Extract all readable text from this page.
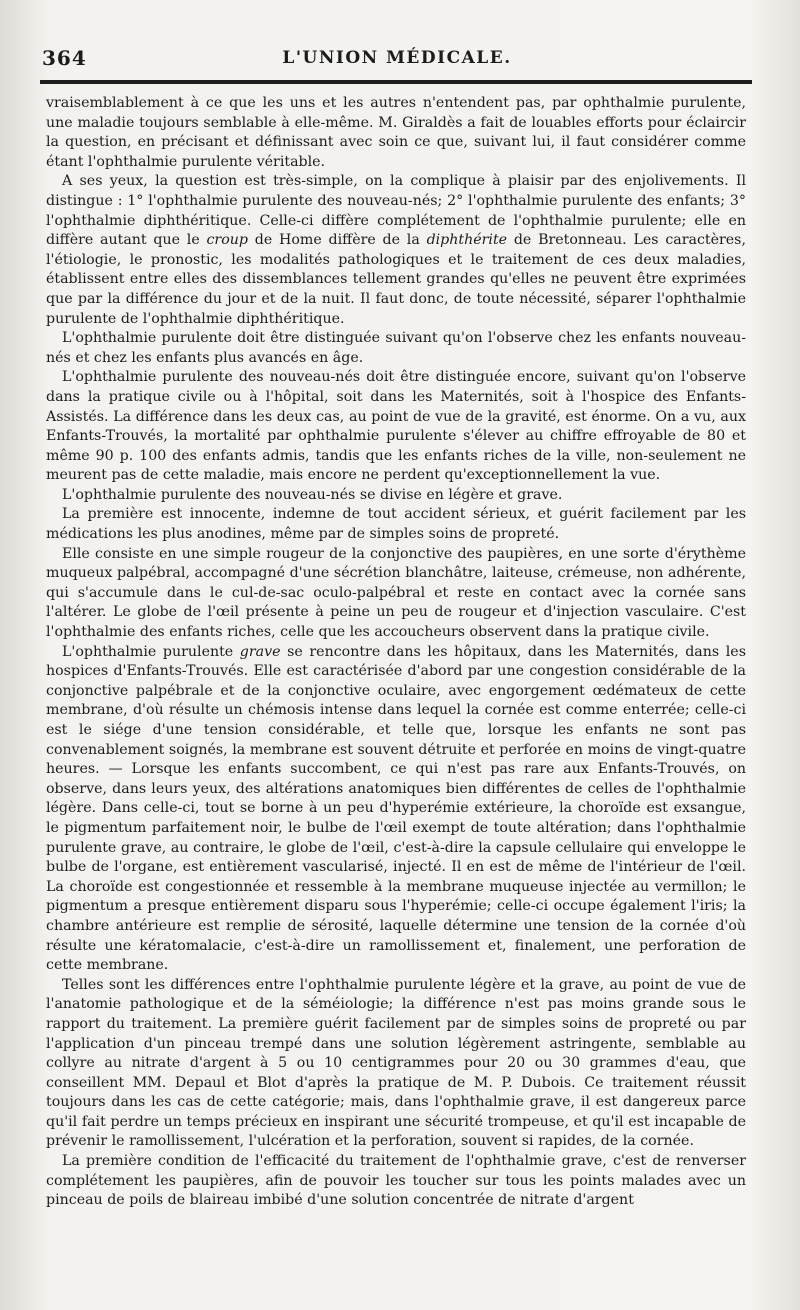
364	L'UNION MÉDICALE.

vraisemblablement à ce que les uns et les autres n'entendent pas, par ophthalmie purulente, une maladie toujours semblable à elle-même. M. Giraldès a fait de louables efforts pour éclaircir la question, en précisant et définissant avec soin ce que, suivant lui, il faut considérer comme étant l'ophthalmie purulente véritable.

A ses yeux, la question est très-simple, on la complique à plaisir par des enjolivements. Il distingue : 1° l'ophthalmie purulente des nouveau-nés; 2° l'ophthalmie purulente des enfants; 3° l'ophthalmie diphthéritique. Celle-ci diffère complétement de l'ophthalmie purulente; elle en diffère autant que le croup de Home diffère de la diphthérite de Bretonneau. Les caractères, l'étiologie, le pronostic, les modalités pathologiques et le traitement de ces deux maladies, établissent entre elles des dissemblances tellement grandes qu'elles ne peuvent être exprimées que par la différence du jour et de la nuit. Il faut donc, de toute nécessité, séparer l'ophthalmie purulente de l'ophthalmie diphthéritique.

L'ophthalmie purulente doit être distinguée suivant qu'on l'observe chez les enfants nouveau-nés et chez les enfants plus avancés en âge.

L'ophthalmie purulente des nouveau-nés doit être distinguée encore, suivant qu'on l'observe dans la pratique civile ou à l'hôpital, soit dans les Maternités, soit à l'hospice des Enfants-Assistés. La différence dans les deux cas, au point de vue de la gravité, est énorme. On a vu, aux Enfants-Trouvés, la mortalité par ophthalmie purulente s'élever au chiffre effroyable de 80 et même 90 p. 100 des enfants admis, tandis que les enfants riches de la ville, non-seulement ne meurent pas de cette maladie, mais encore ne perdent qu'exceptionnellement la vue.

L'ophthalmie purulente des nouveau-nés se divise en légère et grave.

La première est innocente, indemne de tout accident sérieux, et guérit facilement par les médications les plus anodines, même par de simples soins de propreté.

Elle consiste en une simple rougeur de la conjonctive des paupières, en une sorte d'érythème muqueux palpébral, accompagné d'une sécrétion blanchâtre, laiteuse, crémeuse, non adhérente, qui s'accumule dans le cul-de-sac oculo-palpébral et reste en contact avec la cornée sans l'altérer. Le globe de l'œil présente à peine un peu de rougeur et d'injection vasculaire. C'est l'ophthalmie des enfants riches, celle que les accoucheurs observent dans la pratique civile.

L'ophthalmie purulente grave se rencontre dans les hôpitaux, dans les Maternités, dans les hospices d'Enfants-Trouvés. Elle est caractérisée d'abord par une congestion considérable de la conjonctive palpébrale et de la conjonctive oculaire, avec engorgement œdémateux de cette membrane, d'où résulte un chémosis intense dans lequel la cornée est comme enterrée; celle-ci est le siége d'une tension considérable, et telle que, lorsque les enfants ne sont pas convenablement soignés, la membrane est souvent détruite et perforée en moins de vingt-quatre heures. — Lorsque les enfants succombent, ce qui n'est pas rare aux Enfants-Trouvés, on observe, dans leurs yeux, des altérations anatomiques bien différentes de celles de l'ophthalmie légère. Dans celle-ci, tout se borne à un peu d'hyperémie extérieure, la choroïde est exsangue, le pigmentum parfaitement noir, le bulbe de l'œil exempt de toute altération; dans l'ophthalmie purulente grave, au contraire, le globe de l'œil, c'est-à-dire la capsule cellulaire qui enveloppe le bulbe de l'organe, est entièrement vascularisé, injecté. Il en est de même de l'intérieur de l'œil. La choroïde est congestionnée et ressemble à la membrane muqueuse injectée au vermillon; le pigmentum a presque entièrement disparu sous l'hyperémie; celle-ci occupe également l'iris; la chambre antérieure est remplie de sérosité, laquelle détermine une tension de la cornée d'où résulte une kératomalacie, c'est-à-dire un ramollissement et, finalement, une perforation de cette membrane.

Telles sont les différences entre l'ophthalmie purulente légère et la grave, au point de vue de l'anatomie pathologique et de la séméiologie; la différence n'est pas moins grande sous le rapport du traitement. La première guérit facilement par de simples soins de propreté ou par l'application d'un pinceau trempé dans une solution légèrement astringente, semblable au collyre au nitrate d'argent à 5 ou 10 centigrammes pour 20 ou 30 grammes d'eau, que conseillent MM. Depaul et Blot d'après la pratique de M. P. Dubois. Ce traitement réussit toujours dans les cas de cette catégorie; mais, dans l'ophthalmie grave, il est dangereux parce qu'il fait perdre un temps précieux en inspirant une sécurité trompeuse, et qu'il est incapable de prévenir le ramollissement, l'ulcération et la perforation, souvent si rapides, de la cornée.

La première condition de l'efficacité du traitement de l'ophthalmie grave, c'est de renverser complétement les paupières, afin de pouvoir les toucher sur tous les points malades avec un pinceau de poils de blaireau imbibé d'une solution concentrée de nitrate d'argent
